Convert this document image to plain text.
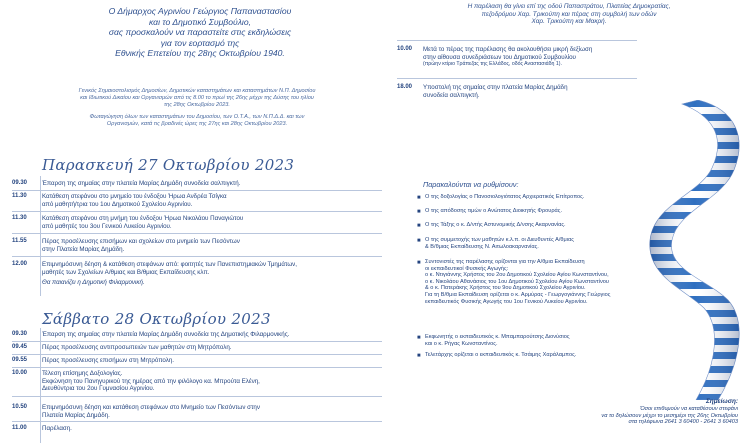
Ο Δήμαρχος Αγρινίου Γεώργιος Παπαναστασίου
και το Δημοτικό Συμβούλιο,
σας προσκαλούν να παραστείτε στις εκδηλώσεις
για τον εορτασμό της
Εθνικής Επετείου της 28ης Οκτωβρίου 1940.
Γενικός Σημαιοστολισμός Δημοσίων, Δημοτικών καταστημάτων και καταστημάτων Ν.Π. Δημοσίου
και Ιδιωτικού Δικαίου και Οργανισμών από τις 8.00 το πρωί της 26ης μέχρι της Δύσης του ηλίου
της 28ης Οκτωβρίου 2023.
Φωταγώγηση όλων των καταστημάτων του Δημοσίου, των Ο.Τ.Α., των Ν.Π.Δ.Δ. και των
Οργανισμών, κατά τις βραδινές ώρες της 27ης και 28ης Οκτωβρίου 2023.
Παρασκευή 27 Οκτωβρίου 2023
09.30 Έπαρση της σημαίας στην πλατεία Μαρίας Δημάδη συνοδεία σαλπιγκτή.
11.30 Κατάθεση στεφάνου στο μνημείο του ένδοξου Ήρωα Ανδρέα Τσίγκα
από μαθητή/τρια του 1ου Δημοτικού Σχολείου Αγρινίου.
11.30 Κατάθεση στεφάνου στη μνήμη του ένδοξου Ήρωα Νικολάου Παναγιώτου
από μαθητές του 3ου Γενικού Λυκείου Αγρινίου.
11.55 Πέρας προσέλευσης επισήμων και σχολείων στο μνημείο των Πεσόντων
στην Πλατεία Μαρίας Δημάδη.
12.00 Επιμνημόσυνη δέηση & κατάθεση στεφάνων από: φοιτητές των Πανεπιστημιακών Τμημάτων,
μαθητές των Σχολείων Α/θμιας και Β/θμιας Εκπαίδευσης κλπ.
Θα παιανίζει η Δημοτική Φιλαρμονική.
Σάββατο 28 Οκτωβρίου 2023
09.30 Έπαρση της σημαίας στην πλατεία Μαρίας Δημάδη συνοδεία της Δημοτικής Φιλαρμονικής.
09.45 Πέρας προσέλευσης αντιπροσωπειών των μαθητών στη Μητρόπολη.
09.55 Πέρας προσέλευσης επισήμων στη Μητρόπολη.
10.00 Τέλεση επίσημης Δοξολογίας.
Εκφώνηση του Πανηγυρικού της ημέρας από την φιλόλογο κα. Μπρούτα Ελένη,
Διευθύντρια του 2ου Γυμνασίου Αγρινίου.
10.50 Επιμνημόσυνη δέηση και κατάθεση στεφάνων στο Μνημείο των Πεσόντων στην
Πλατεία Μαρίας Δημάδη.
11.00 Παρέλαση.
Η παρέλαση θα γίνει επί της οδού Παπαστράτου, Πλατείας Δημοκρατίας,
πεζοδρόμου Χαρ. Τρικούπη και πέρας στη συμβολή των οδών
Χαρ. Τρικούπη και Μακρή.
10.00 Μετά το πέρας της παρέλασης θα ακολουθήσει μικρή δεξίωση
στην αίθουσα συνεδριάσεων του Δημοτικού Συμβουλίου
(πρώην κτίριο Τράπεζας της Ελλάδος, οδός Αναστασιάδη 1).
18.00 Υποστολή της σημαίας στην πλατεία Μαρίας Δημάδη
συνοδεία σαλπιγκτή.
Παρακαλούνται να ρυθμίσουν:
■ Ο της δοξολογίας ο Πανοσιολογιότατος Αρχιερατικός Επίτροπος.
■ Ο της απόδοσης τιμών ο Ανώτατος Διοικητής Φρουράς.
■ Ο της Τάξης ο κ. Δ/ντής Αστυνομικής Δ/νσης Ακαρνανίας.
■ Ο της συμμετοχής των μαθητών κ.λ.π. οι Διευθυντές Α/θμιας
& Β/θμιας Εκπαίδευσης Ν. Αιτωλοακαρνανίας.
■ Συντονιστές της παρέλασης ορίζονται για την Α/θμια Εκπαίδευση
οι εκπαιδευτικοί Φυσικής Αγωγής:
ο κ. Ντιγιάννης Χρήστος του 2ου Δημοτικού Σχολείου Αγίου Κωνσταντίνου,
ο κ. Νικολάου Αθανάσιος του 1ου Δημοτικού Σχολείου Αγίου Κωνσταντίνου
& ο κ. Πατεράκης Χρήστος του 9ου Δημοτικού Σχολείου Αγρινίου.
Για τη Β/θμια Εκπαίδευση ορίζεται ο κ. Αρμύρας - Γεωργογιάννης Γεώργιος
εκπαιδευτικός Φυσικής Αγωγής του 1ου Γενικού Λυκείου Αγρινίου.
■ Εκφωνητής ο εκπαιδευτικός κ. Μπαμπαρούτσης Διονύσιος
και ο κ. Ρήγας Κωνσταντίνος.
■ Τελετάρχης ορίζεται ο εκπαιδευτικός κ. Τσάιμης Χαράλαμπος.
Σημείωση:
Όσοι επιθυμούν να καταθέσουν στεφάνι
να το δηλώσουν μέχρι το μεσημέρι της 26ης Οκτωβρίου
στα τηλέφωνα 2641 3 60400 - 2641 3 60403
